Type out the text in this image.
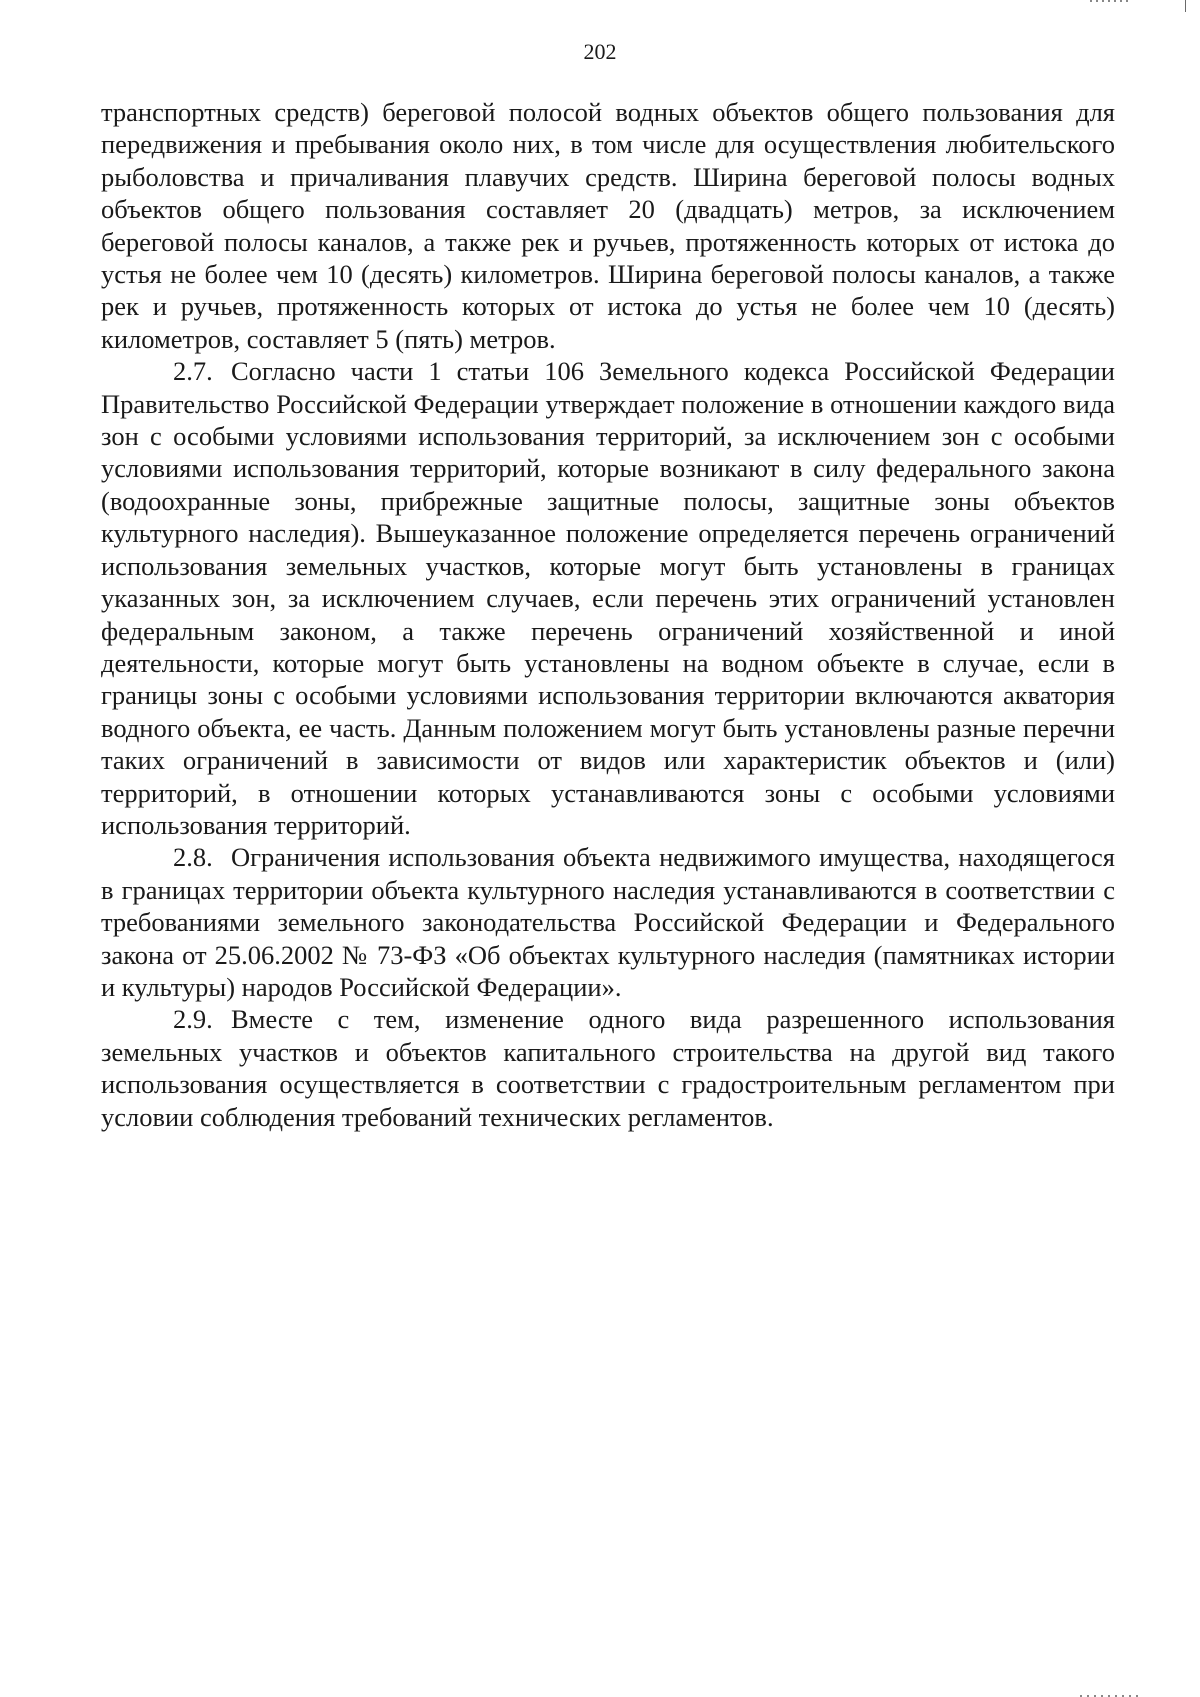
202

транспортных средств) береговой полосой водных объектов общего пользования для передвижения и пребывания около них, в том числе для осуществления любительского рыболовства и причаливания плавучих средств. Ширина береговой полосы водных объектов общего пользования составляет 20 (двадцать) метров, за исключением береговой полосы каналов, а также рек и ручьев, протяженность которых от истока до устья не более чем 10 (десять) километров. Ширина береговой полосы каналов, а также рек и ручьев, протяженность которых от истока до устья не более чем 10 (десять) километров, составляет 5 (пять) метров.

2.7. Согласно части 1 статьи 106 Земельного кодекса Российской Федерации Правительство Российской Федерации утверждает положение в отношении каждого вида зон с особыми условиями использования территорий, за исключением зон с особыми условиями использования территорий, которые возникают в силу федерального закона (водоохранные зоны, прибрежные защитные полосы, защитные зоны объектов культурного наследия). Вышеуказанное положение определяется перечень ограничений использования земельных участков, которые могут быть установлены в границах указанных зон, за исключением случаев, если перечень этих ограничений установлен федеральным законом, а также перечень ограничений хозяйственной и иной деятельности, которые могут быть установлены на водном объекте в случае, если в границы зоны с особыми условиями использования территории включаются акватория водного объекта, ее часть. Данным положением могут быть установлены разные перечни таких ограничений в зависимости от видов или характеристик объектов и (или) территорий, в отношении которых устанавливаются зоны с особыми условиями использования территорий.

2.8. Ограничения использования объекта недвижимого имущества, находящегося в границах территории объекта культурного наследия устанавливаются в соответствии с требованиями земельного законодательства Российской Федерации и Федерального закона от 25.06.2002 № 73-ФЗ «Об объектах культурного наследия (памятниках истории и культуры) народов Российской Федерации».

2.9. Вместе с тем, изменение одного вида разрешенного использования земельных участков и объектов капитального строительства на другой вид такого использования осуществляется в соответствии с градостроительным регламентом при условии соблюдения требований технических регламентов.
